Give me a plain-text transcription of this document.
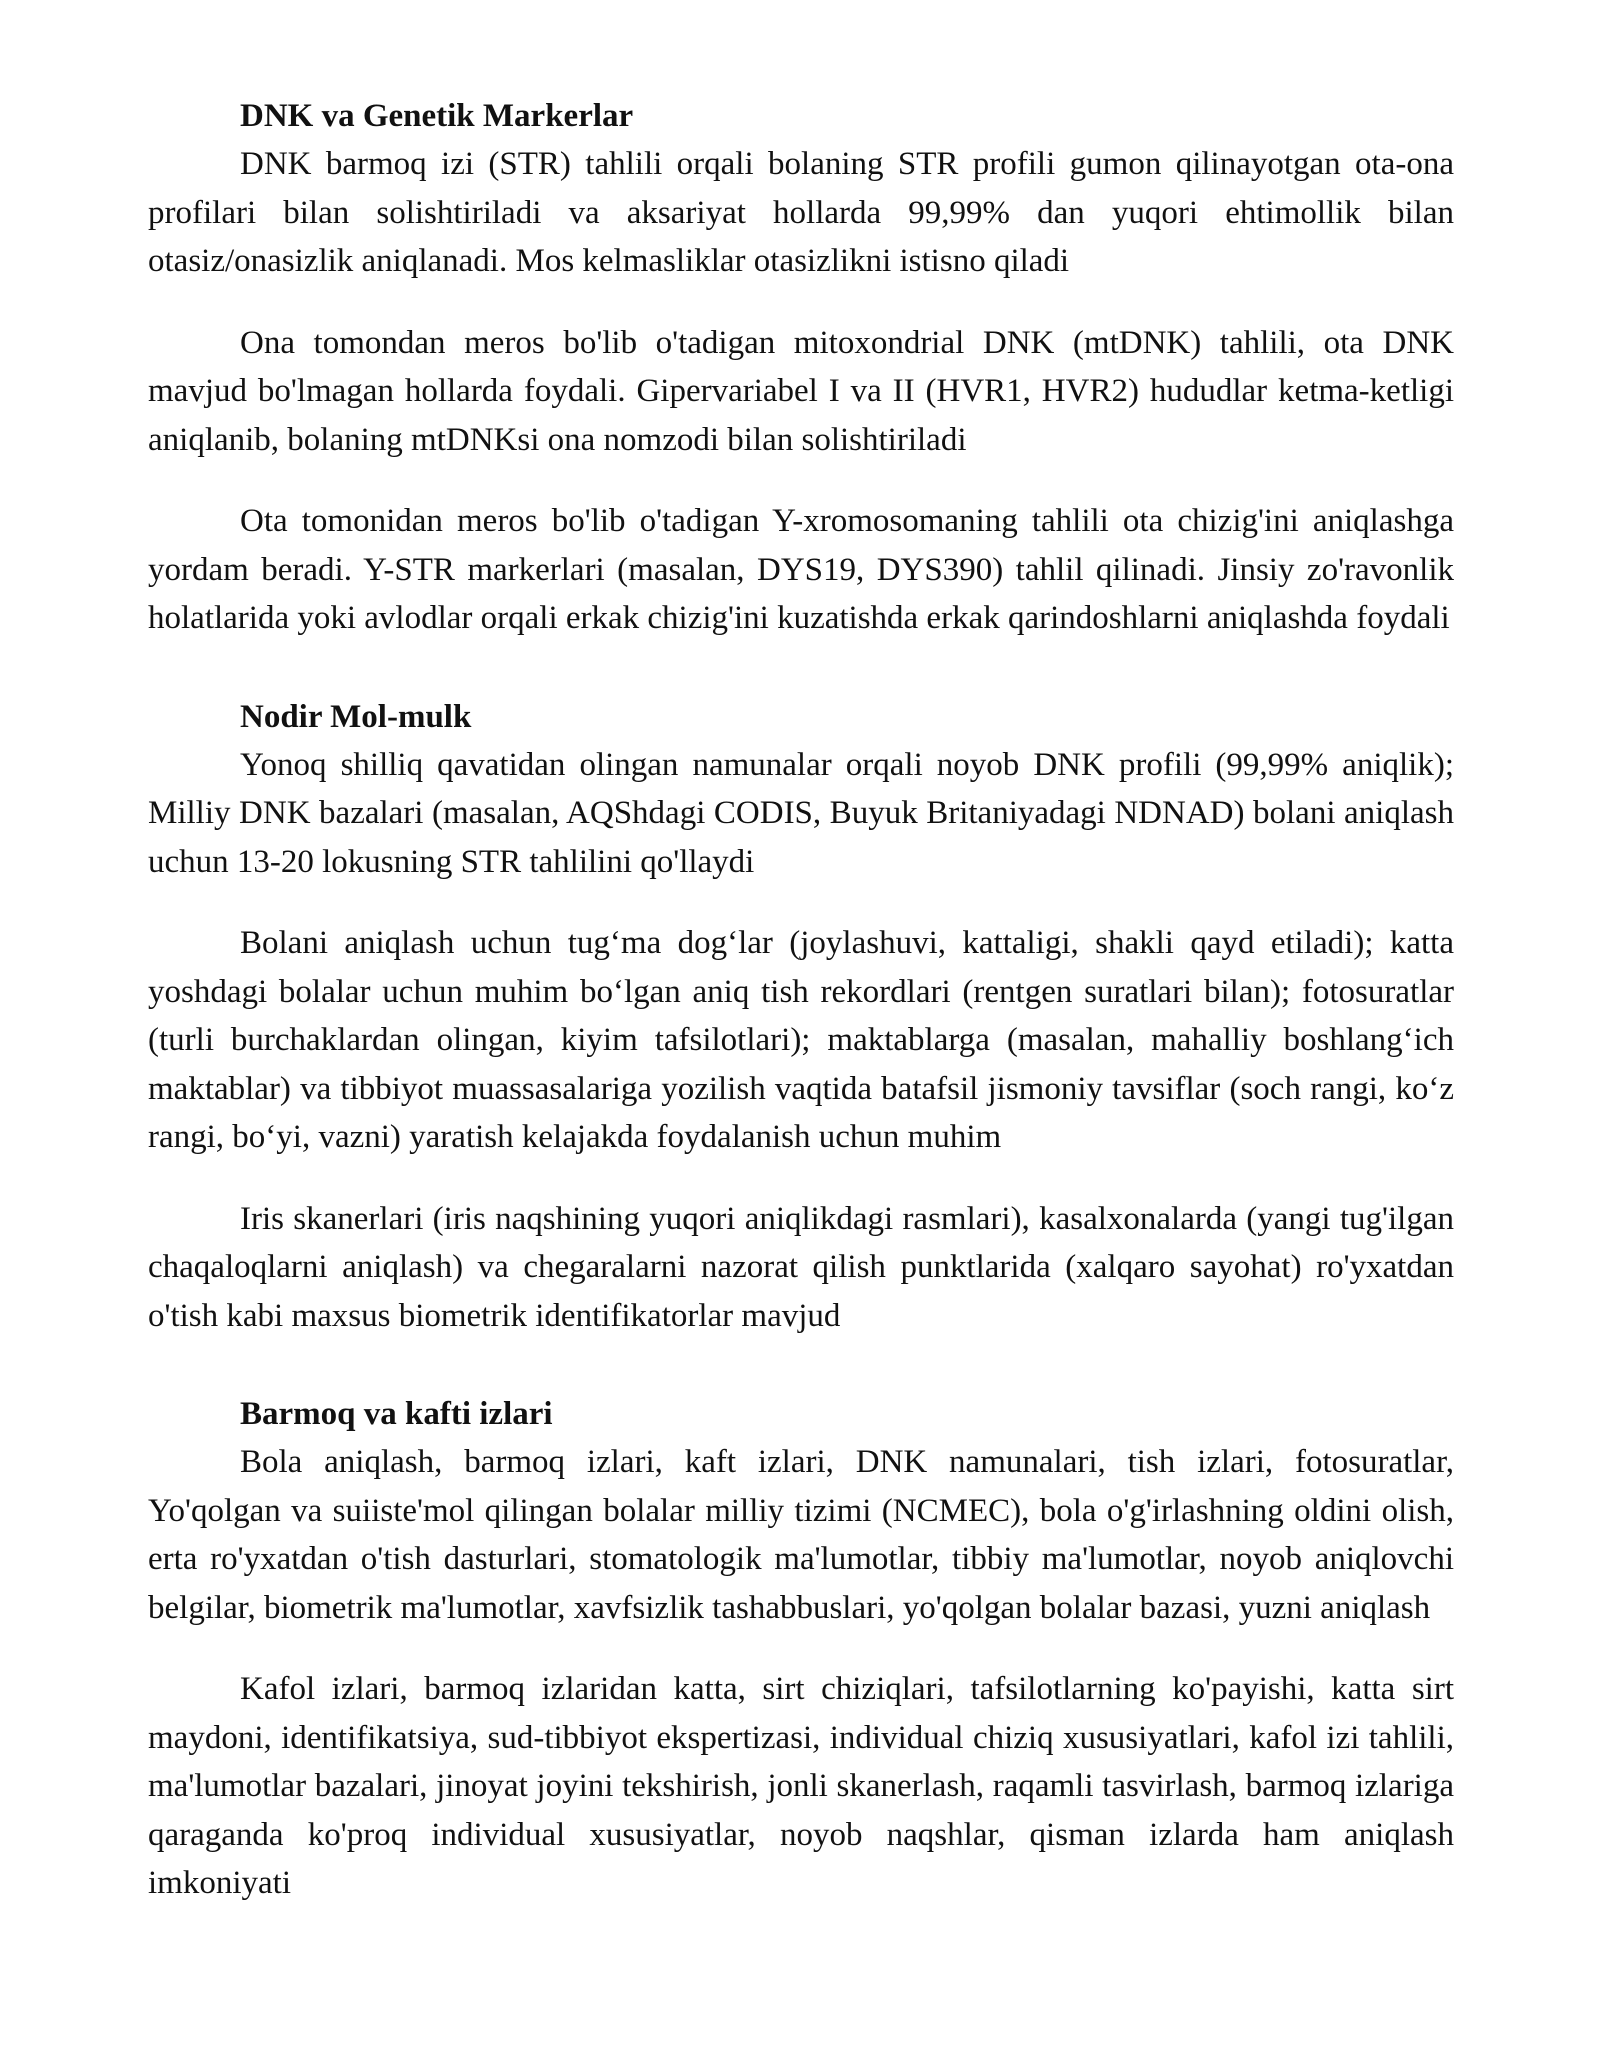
DNK va Genetik Markerlar

DNK barmoq izi (STR) tahlili orqali bolaning STR profili gumon qilinayotgan ota-ona profilari bilan solishtiriladi va aksariyat hollarda 99,99% dan yuqori ehtimollik bilan otasiz/onasizlik aniqlanadi. Mos kelmasliklar otasizlikni istisno qiladi

Ona tomondan meros bo'lib o'tadigan mitoxondrial DNK (mtDNK) tahlili, ota DNK mavjud bo'lmagan hollarda foydali. Gipervariabel I va II (HVR1, HVR2) hududlar ketma-ketligi aniqlanib, bolaning mtDNKsi ona nomzodi bilan solishtiriladi

Ota tomonidan meros bo'lib o'tadigan Y-xromosomaning tahlili ota chizig'ini aniqlashga yordam beradi. Y-STR markerlari (masalan, DYS19, DYS390) tahlil qilinadi. Jinsiy zo'ravonlik holatlarida yoki avlodlar orqali erkak chizig'ini kuzatishda erkak qarindoshlarni aniqlashda foydali

Nodir Mol-mulk

Yonoq shilliq qavatidan olingan namunalar orqali noyob DNK profili (99,99% aniqlik); Milliy DNK bazalari (masalan, AQShdagi CODIS, Buyuk Britaniyadagi NDNAD) bolani aniqlash uchun 13-20 lokusning STR tahlilini qo'llaydi

Bolani aniqlash uchun tug‘ma dog‘lar (joylashuvi, kattaligi, shakli qayd etiladi); katta yoshdagi bolalar uchun muhim bo‘lgan aniq tish rekordlari (rentgen suratlari bilan); fotosuratlar (turli burchaklardan olingan, kiyim tafsilotlari); maktablarga (masalan, mahalliy boshlang‘ich maktablar) va tibbiyot muassasalariga yozilish vaqtida batafsil jismoniy tavsiflar (soch rangi, ko‘z rangi, bo‘yi, vazni) yaratish kelajakda foydalanish uchun muhim

Iris skanerlari (iris naqshining yuqori aniqlikdagi rasmlari), kasalxonalarda (yangi tug'ilgan chaqaloqlarni aniqlash) va chegaralarni nazorat qilish punktlarida (xalqaro sayohat) ro'yxatdan o'tish kabi maxsus biometrik identifikatorlar mavjud

Barmoq va kafti izlari

Bola aniqlash, barmoq izlari, kaft izlari, DNK namunalari, tish izlari, fotosuratlar, Yo'qolgan va suiiste'mol qilingan bolalar milliy tizimi (NCMEC), bola o'g'irlashning oldini olish, erta ro'yxatdan o'tish dasturlari, stomatologik ma'lumotlar, tibbiy ma'lumotlar, noyob aniqlovchi belgilar, biometrik ma'lumotlar, xavfsizlik tashabbuslari, yo'qolgan bolalar bazasi, yuzni aniqlash

Kafol izlari, barmoq izlaridan katta, sirt chiziqlari, tafsilotlarning ko'payishi, katta sirt maydoni, identifikatsiya, sud-tibbiyot ekspertizasi, individual chiziq xususiyatlari, kafol izi tahlili, ma'lumotlar bazalari, jinoyat joyini tekshirish, jonli skanerlash, raqamli tasvirlash, barmoq izlariga qaraganda ko'proq individual xususiyatlar, noyob naqshlar, qisman izlarda ham aniqlash imkoniyati
